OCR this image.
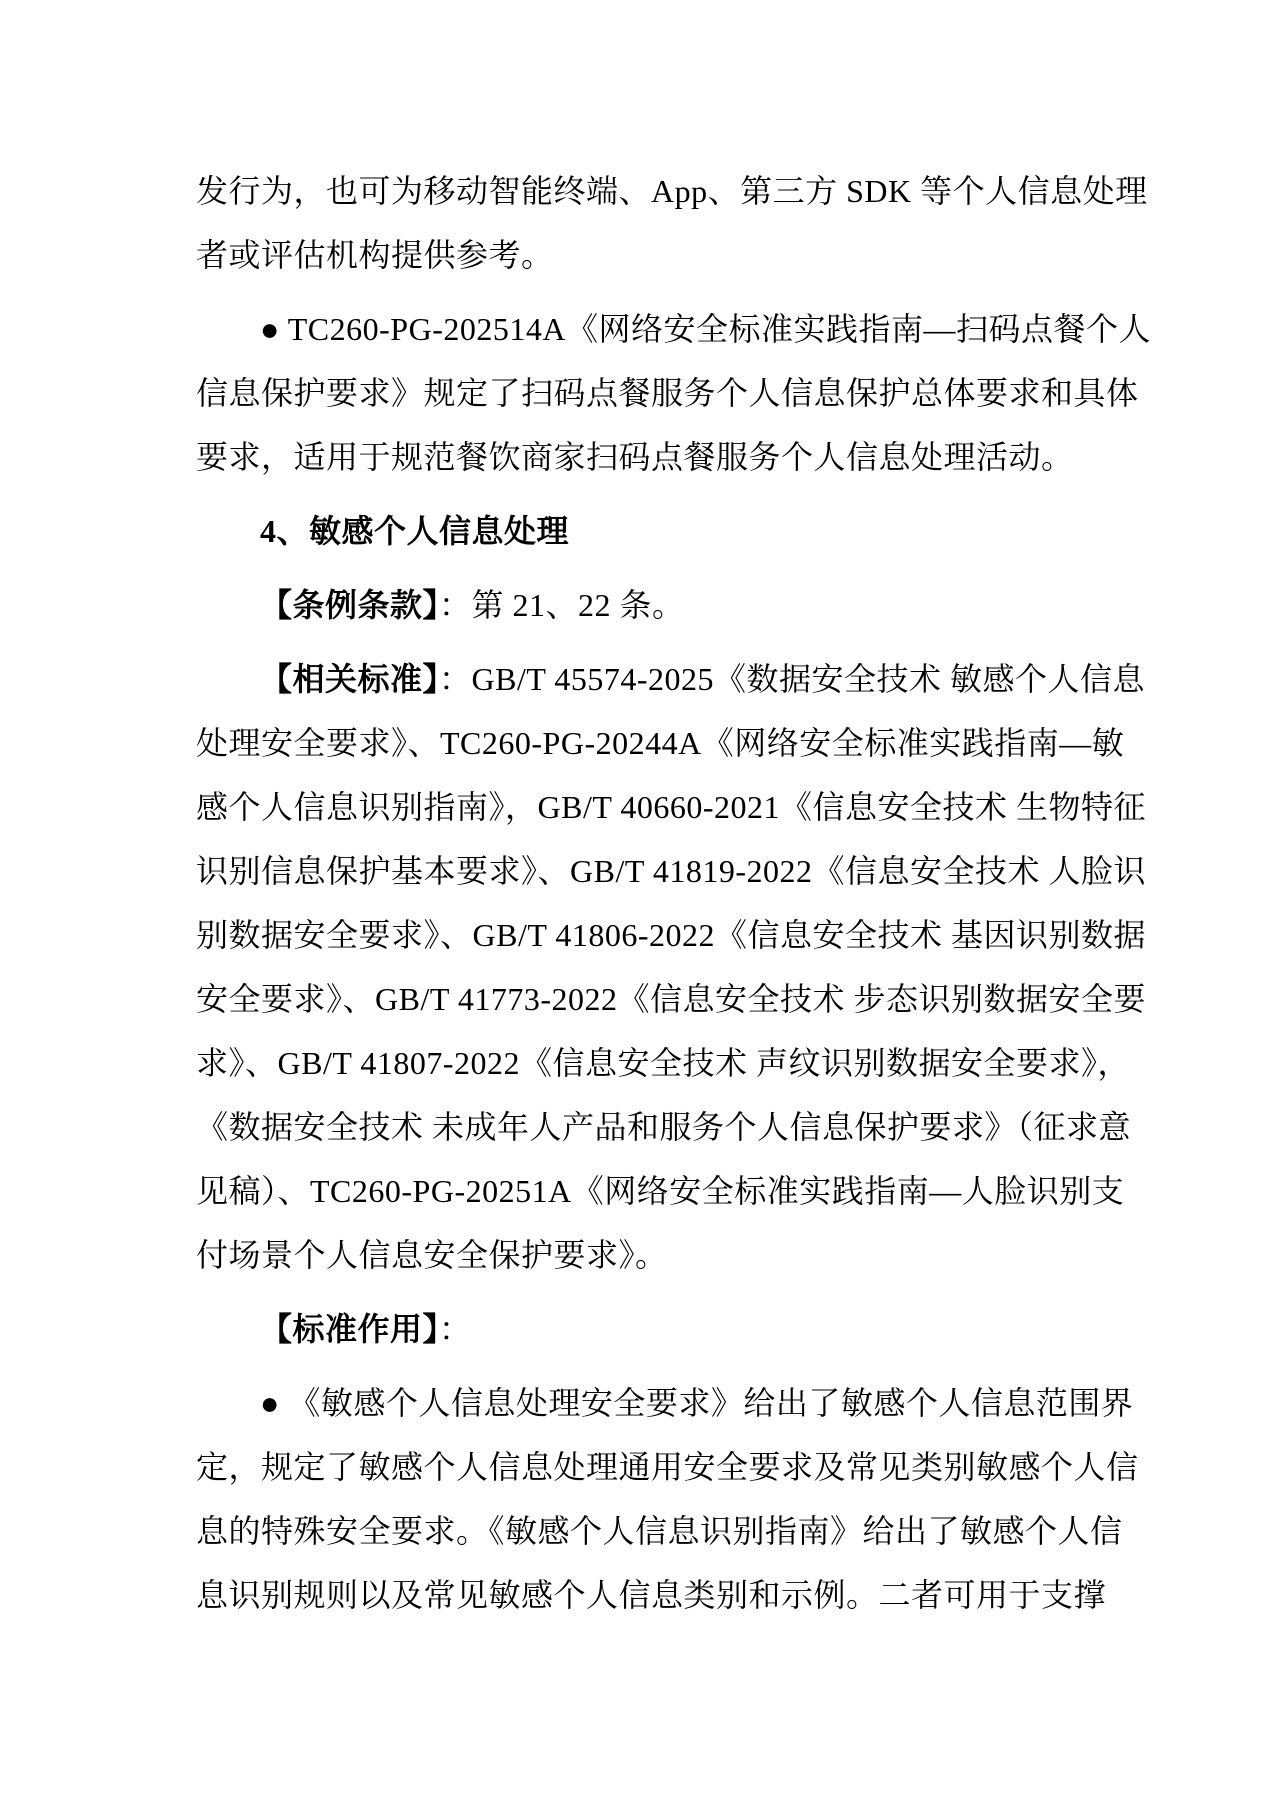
发行为，也可为移动智能终端、App、第三方 SDK 等个人信息处理
者或评估机构提供参考。
● TC260-PG-202514A《网络安全标准实践指南—扫码点餐个人
信息保护要求》规定了扫码点餐服务个人信息保护总体要求和具体
要求，适用于规范餐饮商家扫码点餐服务个人信息处理活动。
4、敏感个人信息处理
【条例条款】：第 21、22 条。
【相关标准】：GB/T 45574-2025《数据安全技术 敏感个人信息
处理安全要求》、TC260-PG-20244A《网络安全标准实践指南—敏
感个人信息识别指南》，GB/T 40660-2021《信息安全技术 生物特征
识别信息保护基本要求》、GB/T 41819-2022《信息安全技术 人脸识
别数据安全要求》、GB/T 41806-2022《信息安全技术 基因识别数据
安全要求》、GB/T 41773-2022《信息安全技术 步态识别数据安全要
求》、GB/T 41807-2022《信息安全技术 声纹识别数据安全要求》，
《数据安全技术 未成年人产品和服务个人信息保护要求》（征求意
见稿）、TC260-PG-20251A《网络安全标准实践指南—人脸识别支
付场景个人信息安全保护要求》。
【标准作用】：
● 《敏感个人信息处理安全要求》给出了敏感个人信息范围界
定，规定了敏感个人信息处理通用安全要求及常见类别敏感个人信
息的特殊安全要求。《敏感个人信息识别指南》给出了敏感个人信
息识别规则以及常见敏感个人信息类别和示例。二者可用于支撑
